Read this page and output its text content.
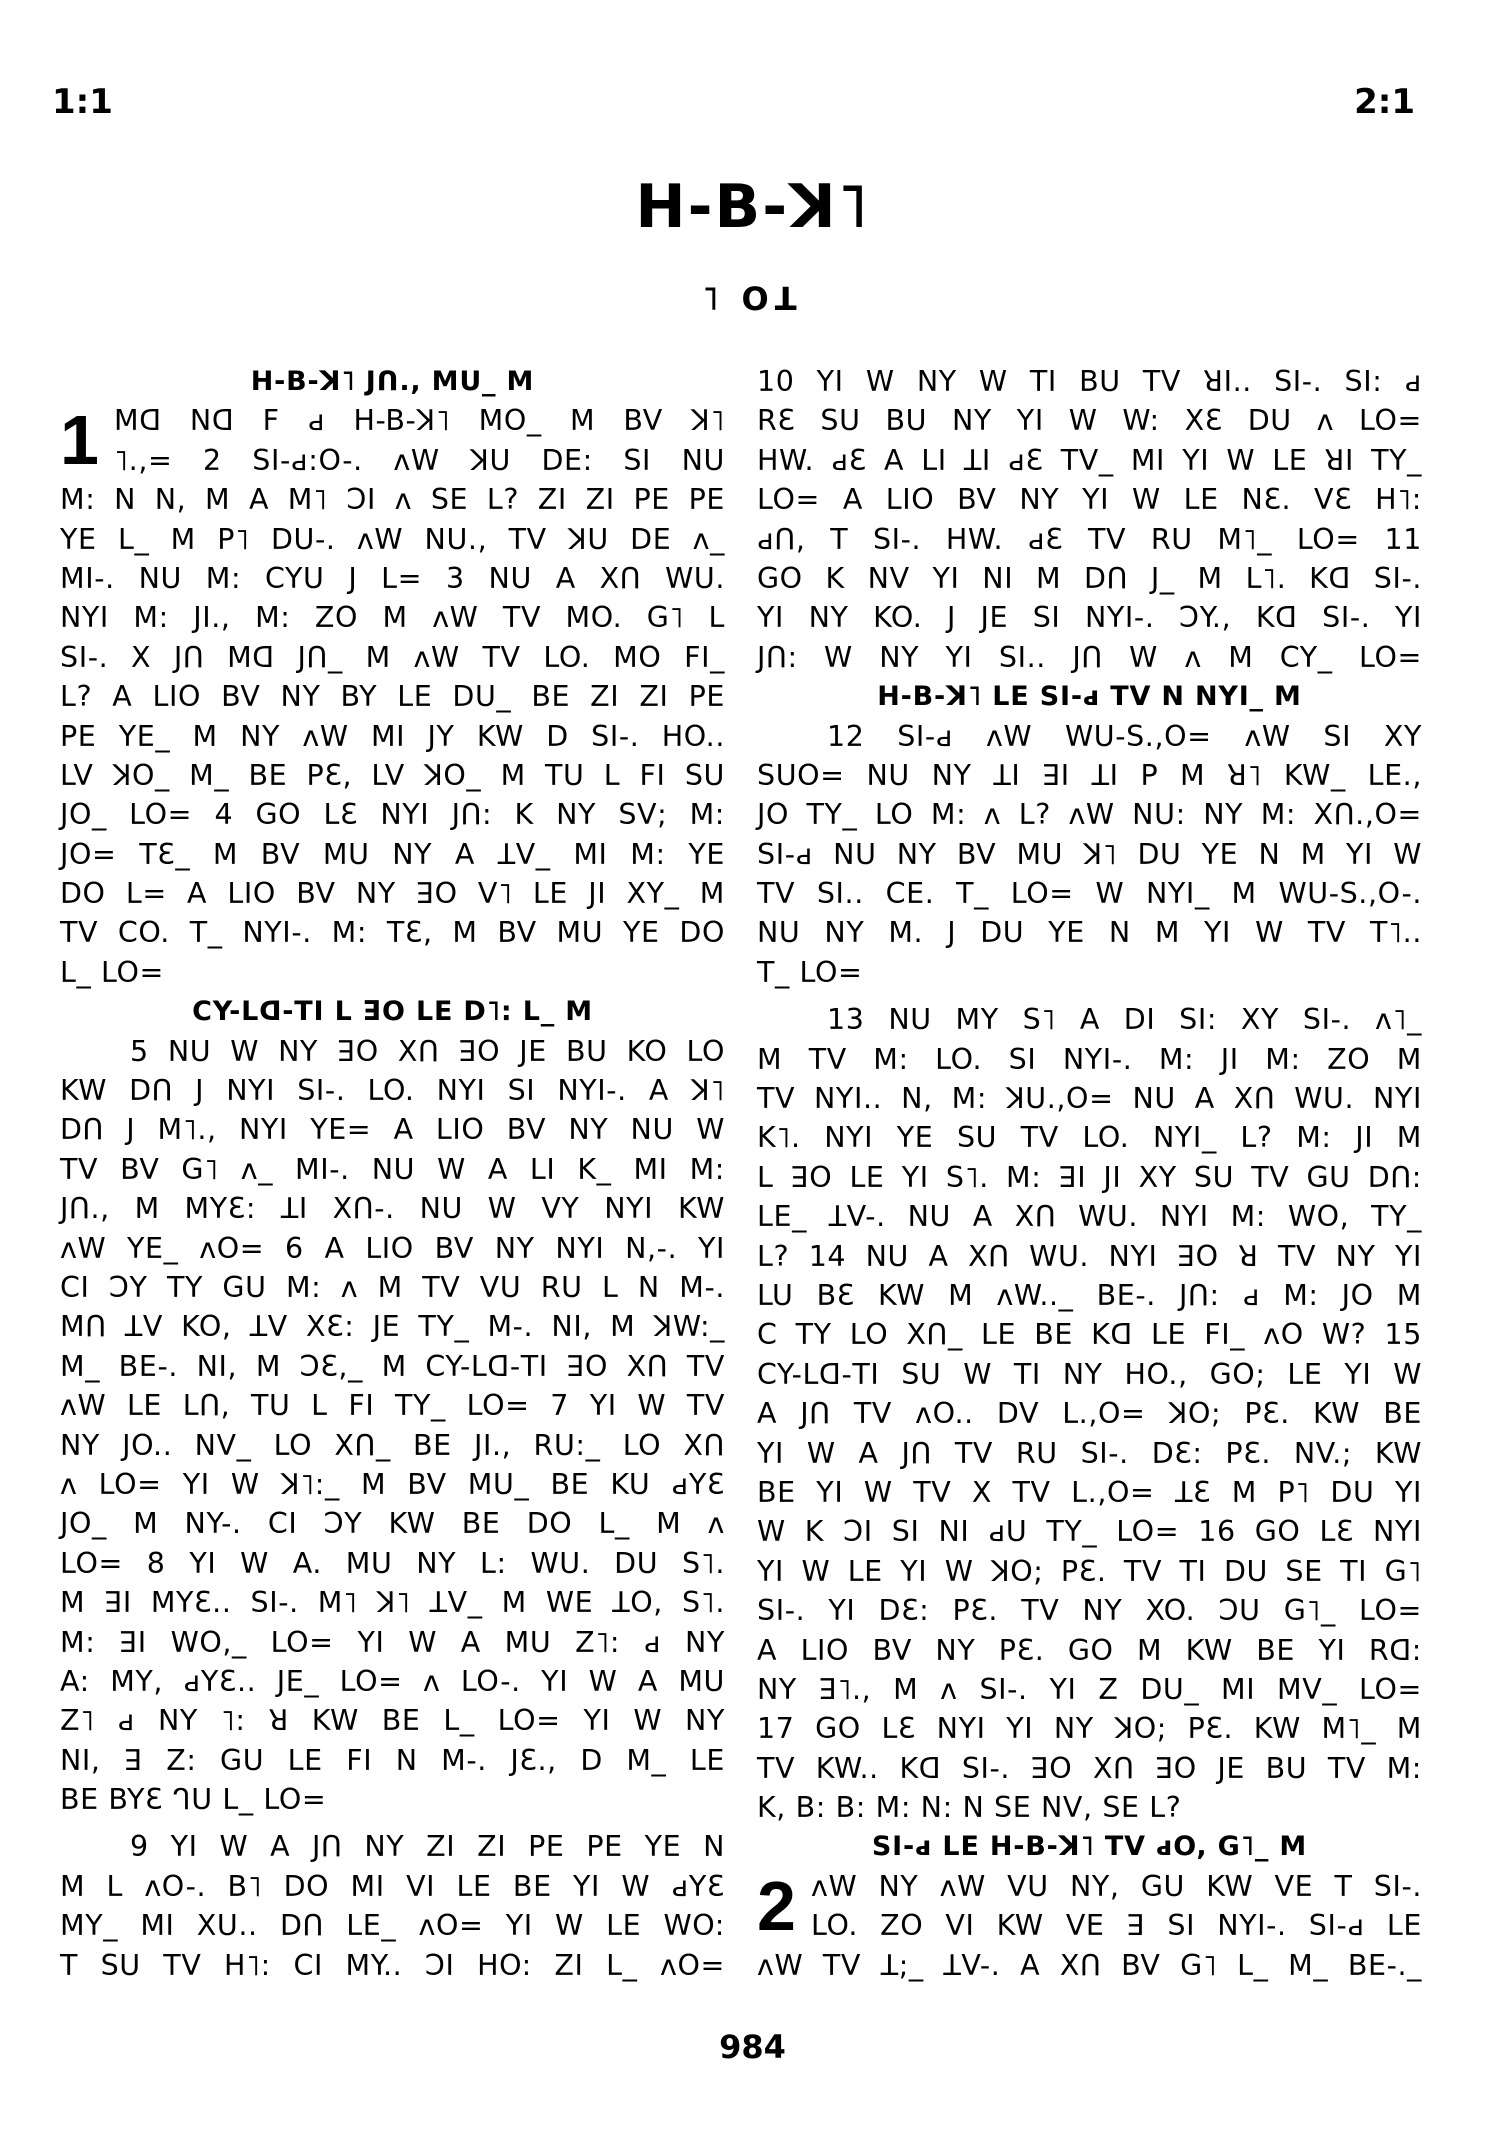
1:1	2:1
H-B-ꓘ˥
˥ Oꓕ
H-B-ꓘ˥ Jᑎ., MU_ M
1 Mᗡ Nᗡ F ԁ H-B-ꓘ˥ MO_ M BV ꓘ˥
˥.,= 2 SI-ԁ:O-. ʌW ꓘU DE: SI NU
M: N N, M A M˥ ƆI ʌ SE L? ZI ZI PE PE
YE L_ M P˥ DU-. ʌW NU., TV ꓘU DE ʌ_
MI-. NU M: CYU J L= 3 NU A Xᑎ WU.
NYI M: JI., M: ZO M ʌW TV MO. G˥ L
SI-. X Jᑎ Mᗡ Jᑎ_ M ʌW TV LO. MO FI_
L? A LIO BV NY BY LE DU_ BE ZI ZI PE
PE YE_ M NY ʌW MI JY KW D SI-. HO..
LV ꓘO_ M_ BE PƐ, LV ꓘO_ M TU L FI SU
JO_ LO= 4 GO LƐ NYI Jᑎ: K NY SV; M:
JO= TƐ_ M BV MU NY A ꓕV_ MI M: YE
DO L= A LIO BV NY ꓱO V˥ LE JI XY_ M
TV CO. T_ NYI-. M: TƐ, M BV MU YE DO
L_ LO=
CY-Lᗡ-TI L ꓱO LE D˥: L_ M
5 NU W NY ꓱO Xᑎ ꓱO JE BU KO LO
KW Dᑎ J NYI SI-. LO. NYI SI NYI-. A ꓘ˥
Dᑎ J M˥., NYI YE= A LIO BV NY NU W
TV BV G˥ ʌ_ MI-. NU W A LI K_ MI M:
Jᑎ., M MYƐ: ꓕI Xᑎ-. NU W VY NYI KW
ʌW YE_ ʌO= 6 A LIO BV NY NYI N,-. YI
CI ƆY TY GU M: ʌ M TV VU RU L N M-.
Mᑎ ꓕV KO, ꓕV XƐ: JE TY_ M-. NI, M ꓘW:_
M_ BE-. NI, M ƆƐ,_ M CY-Lᗡ-TI ꓱO Xᑎ TV
ʌW LE Lᑎ, TU L FI TY_ LO= 7 YI W TV
NY JO.. NV_ LO Xᑎ_ BE JI., RU:_ LO Xᑎ
ʌ LO= YI W ꓘ˥:_ M BV MU_ BE KU ԁYƐ
JO_ M NY-. CI ƆY KW BE DO L_ M ʌ
LO= 8 YI W A. MU NY L: WU. DU S˥.
M ꓱI MYƐ.. SI-. M˥ ꓘ˥ ꓕV_ M WE ꓕO, S˥.
M: ꓱI WO,_ LO= YI W A MU Z˥: ԁ NY
A: MY, ԁYƐ.. JE_ LO= ʌ LO-. YI W A MU
Z˥ ԁ NY ˥: ꓤ KW BE L_ LO= YI W NY
NI, ꓱ Z: GU LE FI N M-. JƐ., D M_ LE
BE BYƐ ᒉU L_ LO=
9 YI W A Jᑎ NY ZI ZI PE PE YE N
M L ʌO-. B˥ DO MI VI LE BE YI W ԁYƐ
MY_ MI XU.. Dᑎ LE_ ʌO= YI W LE WO:
T SU TV H˥: CI MY.. ƆI HO: ZI L_ ʌO=
10 YI W NY W TI BU TV ꓤI.. SI-. SI: ԁ
RƐ SU BU NY YI W W: XƐ DU ʌ LO=
HW. ԁƐ A LI ꓕI ԁƐ TV_ MI YI W LE ꓤI TY_
LO= A LIO BV NY YI W LE NƐ. VƐ H˥:
ԁᑎ, T SI-. HW. ԁƐ TV RU M˥_ LO= 11
GO K NV YI NI M Dᑎ J_ M L˥. Kᗡ SI-.
YI NY KO. J JE SI NYI-. ƆY., Kᗡ SI-. YI
Jᑎ: W NY YI SI.. Jᑎ W ʌ M CY_ LO=
H-B-ꓘ˥ LE SI-ԁ TV N NYI_ M
12 SI-ԁ ʌW WU-S.,O= ʌW SI XY
SUO= NU NY ꓕI ꓱI ꓕI P M ꓤ˥ KW_ LE.,
JO TY_ LO M: ʌ L? ʌW NU: NY M: Xᑎ.,O=
SI-ԁ NU NY BV MU ꓘ˥ DU YE N M YI W
TV SI.. CE. T_ LO= W NYI_ M WU-S.,O-.
NU NY M. J DU YE N M YI W TV T˥..
T_ LO=
13 NU MY S˥ A DI SI: XY SI-. ʌ˥_
M TV M: LO. SI NYI-. M: JI M: ZO M
TV NYI.. N, M: ꓘU.,O= NU A Xᑎ WU. NYI
K˥. NYI YE SU TV LO. NYI_ L? M: JI M
L ꓱO LE YI S˥. M: ꓱI JI XY SU TV GU Dᑎ:
LE_ ꓕV-. NU A Xᑎ WU. NYI M: WO, TY_
L? 14 NU A Xᑎ WU. NYI ꓱO ꓤ TV NY YI
LU BƐ KW M ʌW.._ BE-. Jᑎ: ԁ M: JO M
C TY LO Xᑎ_ LE BE Kᗡ LE FI_ ʌO W? 15
CY-Lᗡ-TI SU W TI NY HO., GO; LE YI W
A Jᑎ TV ʌO.. DV L.,O= ꓘO; PƐ. KW BE
YI W A Jᑎ TV RU SI-. DƐ: PƐ. NV.; KW
BE YI W TV X TV L.,O= ꓕƐ M P˥ DU YI
W K ƆI SI NI ԁU TY_ LO= 16 GO LƐ NYI
YI W LE YI W ꓘO; PƐ. TV TI DU SE TI G˥
SI-. YI DƐ: PƐ. TV NY XO. ƆU G˥_ LO=
A LIO BV NY PƐ. GO M KW BE YI Rᗡ:
NY ꓱ˥., M ʌ SI-. YI Z DU_ MI MV_ LO=
17 GO LƐ NYI YI NY ꓘO; PƐ. KW M˥_ M
TV KW.. Kᗡ SI-. ꓱO Xᑎ ꓱO JE BU TV M:
K, B: B: M: N: N SE NV, SE L?
SI-ԁ LE H-B-ꓘ˥ TV ԁO, G˥_ M
2 ʌW NY ʌW VU NY, GU KW VE T SI-.
LO. ZO VI KW VE ꓱ SI NYI-. SI-ԁ LE
ʌW TV ꓕ;_ ꓕV-. A Xᑎ BV G˥ L_ M_ BE-._
984
